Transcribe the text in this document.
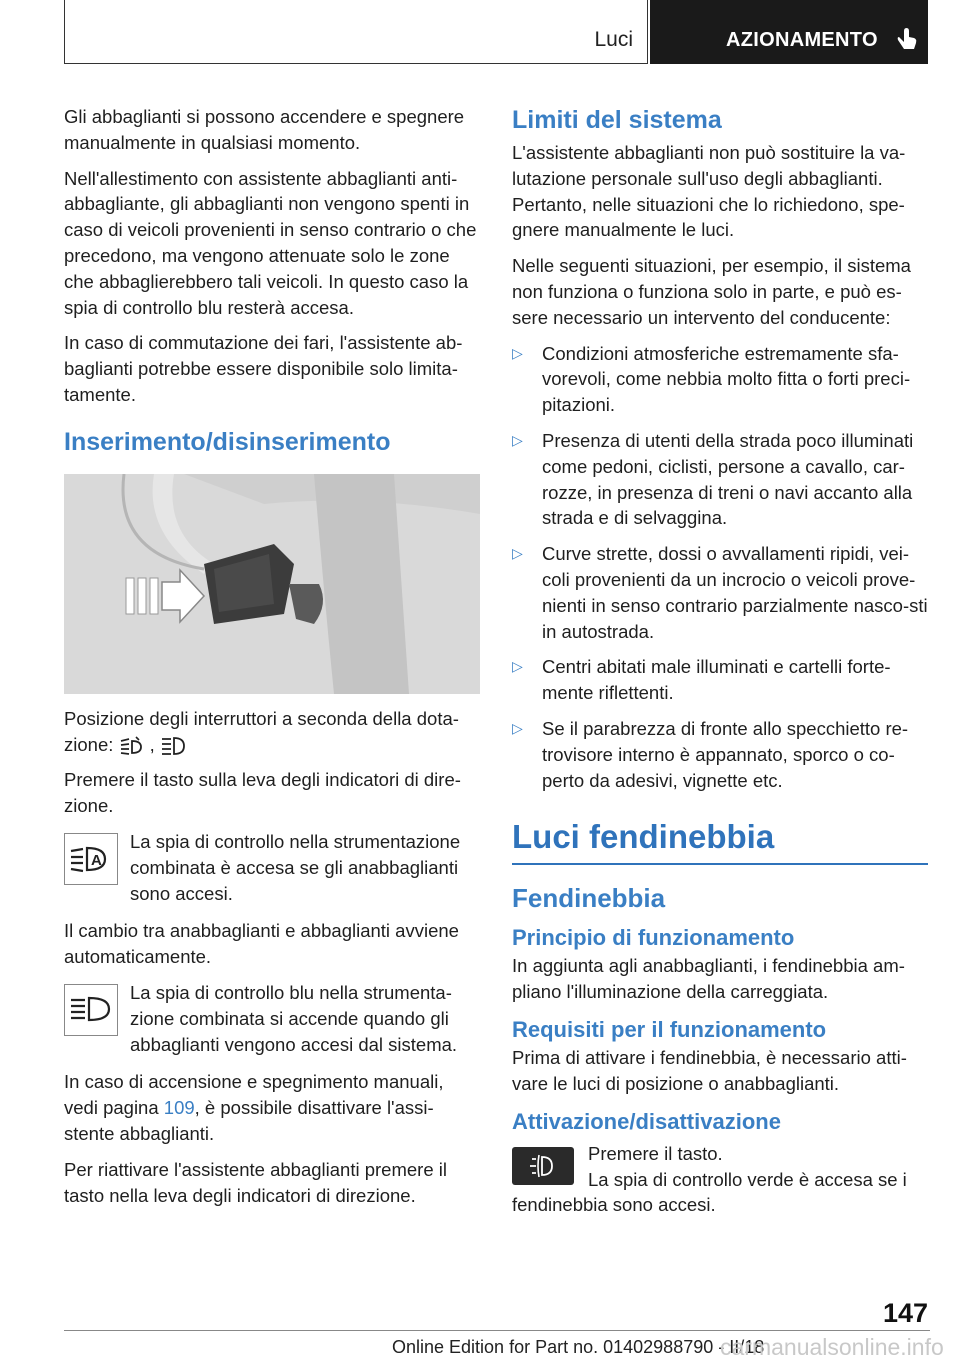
Luci	AZIONAMENTO

Gli abbaglianti si possono accendere e spegnere manualmente in qualsiasi momento.

Nell'allestimento con assistente abbaglianti anti-abbagliante, gli abbaglianti non vengono spenti in caso di veicoli provenienti in senso contrario o che precedono, ma vengono attenuate solo le zone che abbaglierebbero tali veicoli. In questo caso la spia di controllo blu resterà accesa.

In caso di commutazione dei fari, l'assistente ab-baglianti potrebbe essere disponibile solo limita-tamente.

Inserimento/disinserimento

Posizione degli interruttori a seconda della dota-zione: ,

Premere il tasto sulla leva degli indicatori di dire-zione.

A
La spia di controllo nella strumentazione combinata è accesa se gli anabbaglianti sono accesi.

Il cambio tra anabbaglianti e abbaglianti avviene automaticamente.

La spia di controllo blu nella strumenta-zione combinata si accende quando gli abbaglianti vengono accesi dal sistema.

In caso di accensione e spegnimento manuali, vedi pagina 109, è possibile disattivare l'assi-stente abbaglianti.

Per riattivare l'assistente abbaglianti premere il tasto nella leva degli indicatori di direzione.

Limiti del sistema

L'assistente abbaglianti non può sostituire la va-lutazione personale sull'uso degli abbaglianti. Pertanto, nelle situazioni che lo richiedono, spe-gnere manualmente le luci.

Nelle seguenti situazioni, per esempio, il sistema non funziona o funziona solo in parte, e può es-sere necessario un intervento del conducente:

▷ Condizioni atmosferiche estremamente sfa-vorevoli, come nebbia molto fitta o forti preci-pitazioni.
▷ Presenza di utenti della strada poco illuminati come pedoni, ciclisti, persone a cavallo, car-rozze, in presenza di treni o navi accanto alla strada e di selvaggina.
▷ Curve strette, dossi o avvallamenti ripidi, vei-coli provenienti da un incrocio o veicoli prove-nienti in senso contrario parzialmente nasco-sti in autostrada.
▷ Centri abitati male illuminati e cartelli forte-mente riflettenti.
▷ Se il parabrezza di fronte allo specchietto re-trovisore interno è appannato, sporco o co-perto da adesivi, vignette etc.
Luci fendinebbia
Fendinebbia
Principio di funzionamento

In aggiunta agli anabbaglianti, i fendinebbia am-pliano l'illuminazione della carreggiata.

Requisiti per il funzionamento

Prima di attivare i fendinebbia, è necessario atti-vare le luci di posizione o anabbaglianti.

Attivazione/disattivazione
Premere il tasto.

La spia di controllo verde è accesa se i fendinebbia sono accesi.

147
Online Edition for Part no. 01402988790 - II/18
carmanualsonline.info
